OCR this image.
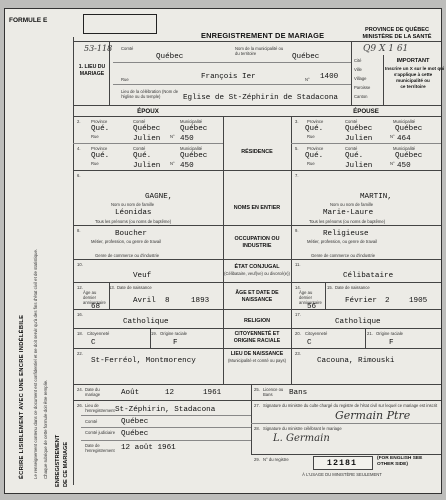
FORMULE E
53-118
ENREGISTREMENT DE MARIAGE
PROVINCE DE QUÉBEC
MINISTÈRE DE LA SANTÉ
Q9 X 1 61
ÉCRIRE LISIBLEMENT AVEC UNE ENCRE INDÉLÉBILE Le renseignement contenu dans ce document est confidentiel et ne doit servir qu'à des fins d'état civil et de statistique. Chaque rubrique de cette formule doit être remplie. ENREGISTREMENT DE CE MARIAGE
1. LIEU DU MARIAGE
Comté
Québec
Nom de la municipalité ou du territoire	Québec
Rue	François Ier	N° 1400
Lieu de la célébration (Nom de l'église ou du temple)	Eglise de St-Zéphirin de Stadacona
Cité
Ville
Village
Paroisse
Canton
IMPORTANT
Inscrire un X sur le mot qui
s'applique à cette
municipalité ou
ce territoire
ÉPOUX	ÉPOUSE
2.	Province	Comté	Municipalité
Qué.	Québec	Québec
Rue	N°
Julien	450
3. Province	Comté	Municipalité
Qué.	Québec	Québec
Rue	N°
Julien	464
RÉSIDENCE
4.	Province	Comté	Municipalité
Qué.	Qué.	Québec
Rue	N°
Julien	450
5. Province	Comté	Municipalité
Qué.	Qué.	Québec
Rue	N°
Julien	450
6.
GAGNE,
Nom ou nom de famille
Léonidas
Tous les prénoms (ou noms de baptême)
7.
MARTIN,
Nom ou nom de famille
Marie-Laure
Tous les prénoms (ou noms de baptême)
NOMS EN ENTIER
8.	Boucher
Métier, profession, ou genre de travail
Genre de commerce ou d'industrie
9.	Religieuse
Métier, profession, ou genre de travail
Genre de commerce ou d'industrie
OCCUPATION OU INDUSTRIE
10.
Veuf
11.
Célibataire
ÉTAT CONJUGAL
(Célibataire, veuf(ve) ou divorcé(e))
12.
Âge au dernier anniversaire
68
13. Date de naissance
Avril 8	1893
14.
Âge au dernier anniversaire
56
15. Date de naissance
Février 2	1905
ÂGE ET DATE DE NAISSANCE
16.
Catholique
17.
Catholique
RELIGION
18. Citoyenneté
C
19. Origine raciale
F
20. Citoyenneté
C
21. Origine raciale
F
CITOYENNETÉ ET ORIGINE RACIALE
22.
St-Ferréol, Montmorency
23.
Cacouna, Rimouski
LIEU DE NAISSANCE
(Municipalité et comté ou pays)
24. Date du mariage	Août	12	1961	25. Licence ou Bans	Bans
26. Lieu de l'enregistrement St-Zéphirin, Stadacona
Comté	Québec
Comté judiciaire Québec
Date de l'enregistrement 12 août 1961
27. Signature du ministre du culte chargé du registre de l'état civil sur lequel ce mariage est inscrit
Germain Ptre
28. Signature du ministre célébrant le mariage
L. Germain
29. N° du registre	12181	(FOR ENGLISH SEE OTHER SIDE)
À L'USAGE DU MINISTÈRE SEULEMENT
